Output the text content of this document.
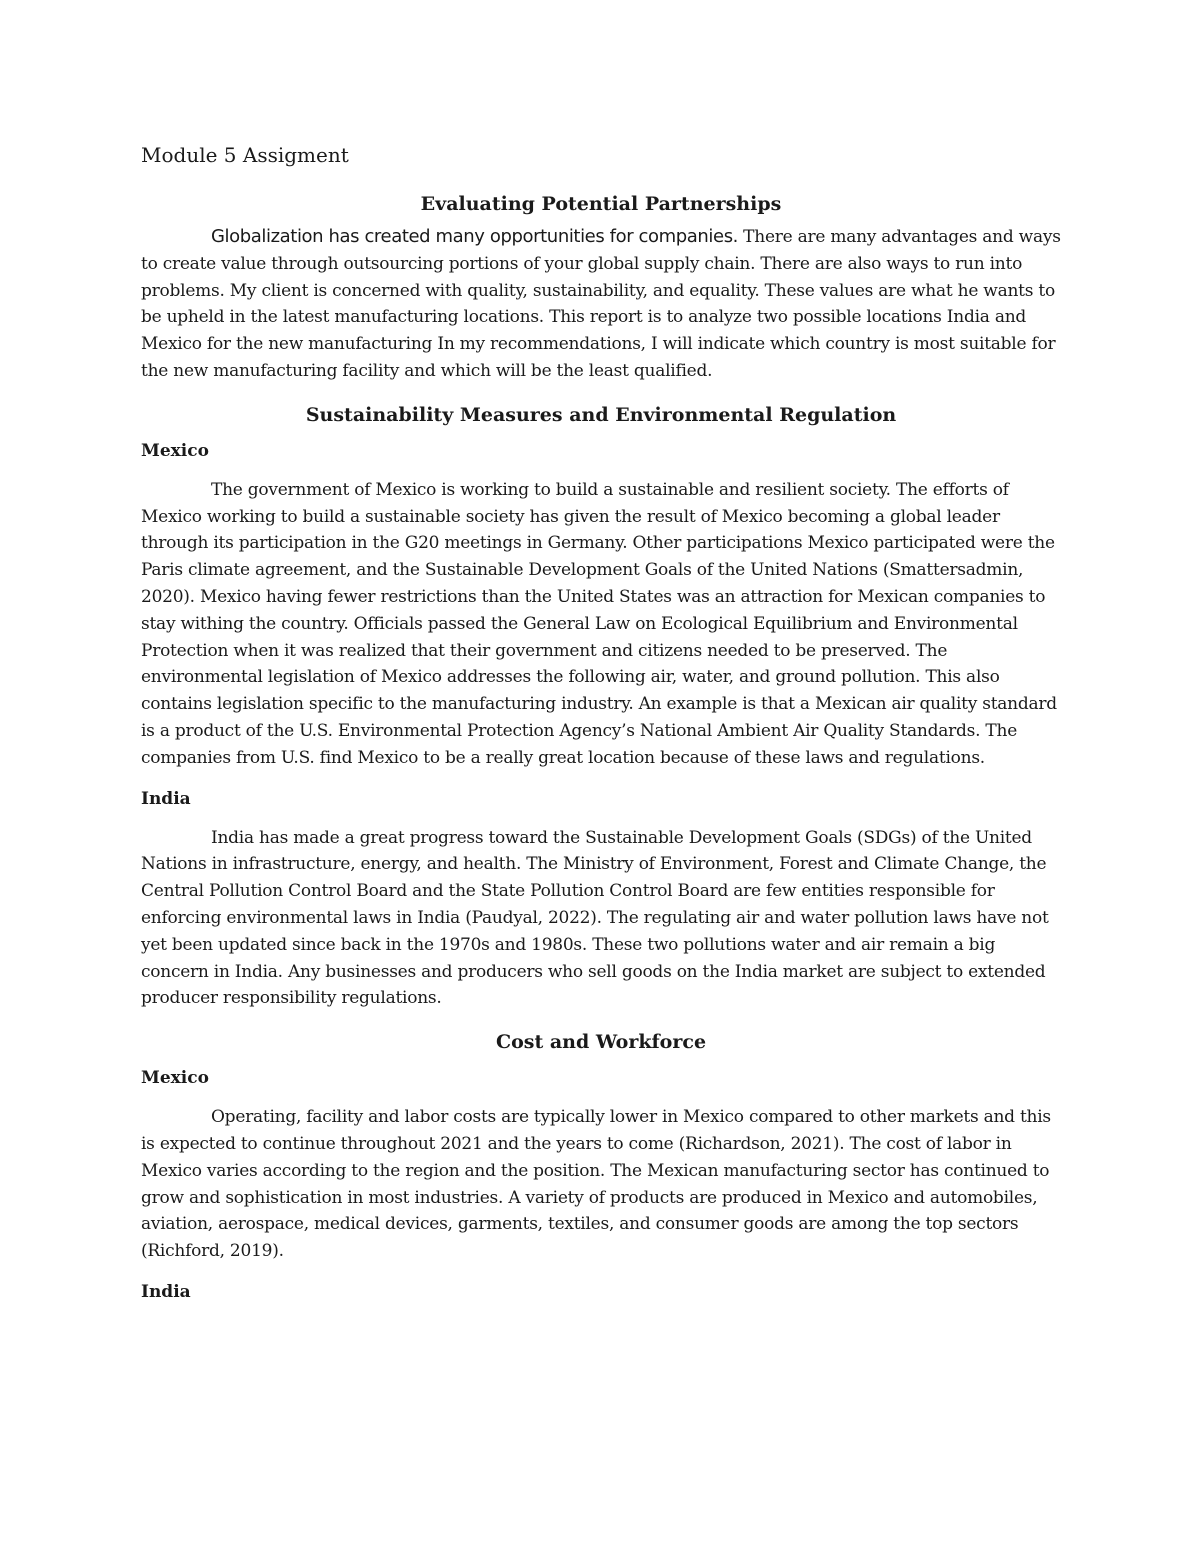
Module 5 Assigment
Evaluating Potential Partnerships

Globalization has created many opportunities for companies. There are many advantages and ways to create value through outsourcing portions of your global supply chain. There are also ways to run into problems. My client is concerned with quality, sustainability, and equality. These values are what he wants to be upheld in the latest manufacturing locations. This report is to analyze two possible locations India and Mexico for the new manufacturing In my recommendations, I will indicate which country is most suitable for the new manufacturing facility and which will be the least qualified.

Sustainability Measures and Environmental Regulation
Mexico

The government of Mexico is working to build a sustainable and resilient society. The efforts of Mexico working to build a sustainable society has given the result of Mexico becoming a global leader through its participation in the G20 meetings in Germany. Other participations Mexico participated were the Paris climate agreement, and the Sustainable Development Goals of the United Nations (Smattersadmin, 2020). Mexico having fewer restrictions than the United States was an attraction for Mexican companies to stay withing the country. Officials passed the General Law on Ecological Equilibrium and Environmental Protection when it was realized that their government and citizens needed to be preserved. The environmental legislation of Mexico addresses the following air, water, and ground pollution. This also contains legislation specific to the manufacturing industry. An example is that a Mexican air quality standard is a product of the U.S. Environmental Protection Agency’s National Ambient Air Quality Standards. The companies from U.S. find Mexico to be a really great location because of these laws and regulations.

India

India has made a great progress toward the Sustainable Development Goals (SDGs) of the United Nations in infrastructure, energy, and health. The Ministry of Environment, Forest and Climate Change, the Central Pollution Control Board and the State Pollution Control Board are few entities responsible for enforcing environmental laws in India (Paudyal, 2022). The regulating air and water pollution laws have not yet been updated since back in the 1970s and 1980s. These two pollutions water and air remain a big concern in India. Any businesses and producers who sell goods on the India market are subject to extended producer responsibility regulations.

Cost and Workforce
Mexico

Operating, facility and labor costs are typically lower in Mexico compared to other markets and this is expected to continue throughout 2021 and the years to come (Richardson, 2021). The cost of labor in Mexico varies according to the region and the position. The Mexican manufacturing sector has continued to grow and sophistication in most industries. A variety of products are produced in Mexico and automobiles, aviation, aerospace, medical devices, garments, textiles, and consumer goods are among the top sectors (Richford, 2019).

India
